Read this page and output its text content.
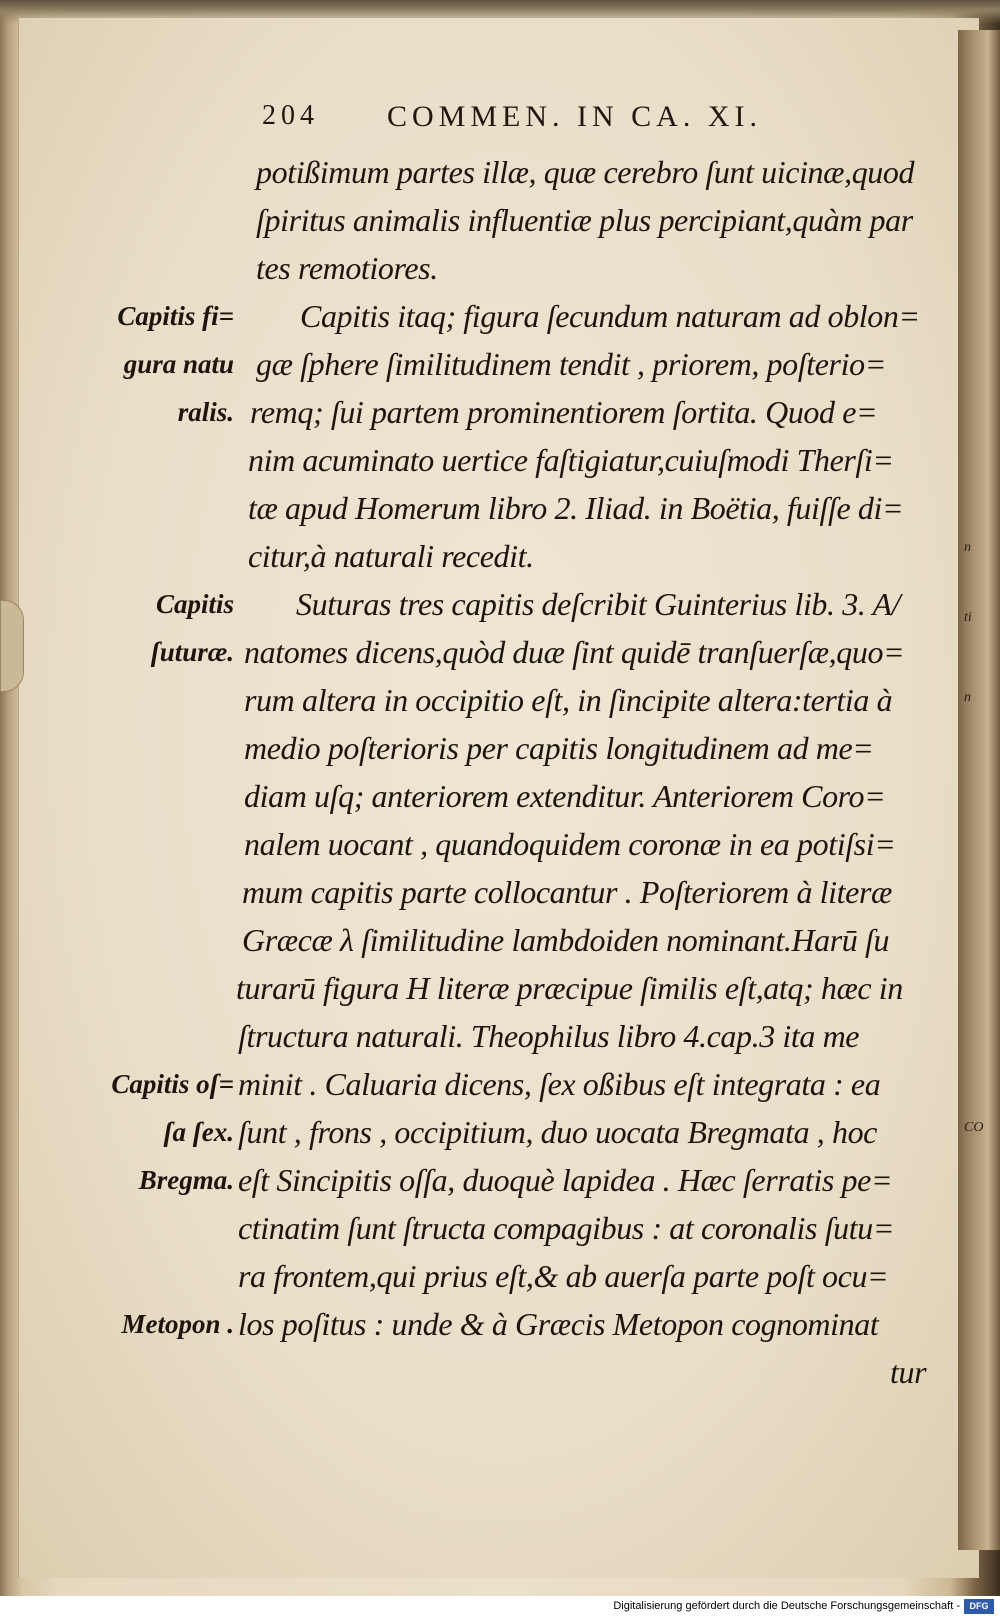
n
ti
n
CO
204 COMMEN. IN CA. XI.
potißimum partes illæ, quæ cerebro ſunt uicinæ,quod
ſpiritus animalis influentiæ plus percipiant,quàm par
tes remotiores.
Capitis itaq; figura ſecundum naturam ad oblon=
gæ ſphere ſimilitudinem tendit , priorem, poſterio=
remq; ſui partem prominentiorem ſortita. Quod e=
nim acuminato uertice faſtigiatur,cuiuſmodi Therſi=
tæ apud Homerum libro 2. Iliad. in Boëtia, fuiſſe di=
citur,à naturali recedit.
Suturas tres capitis deſcribit Guinterius lib. 3. A/
natomes dicens,quòd duæ ſint quidē tranſuerſæ,quo=
rum altera in occipitio eſt, in ſincipite altera:tertia à
medio poſterioris per capitis longitudinem ad me=
diam uſq; anteriorem extenditur. Anteriorem Coro=
nalem uocant , quandoquidem coronæ in ea potiſsi=
mum capitis parte collocantur . Poſteriorem à literæ
Græcæ λ ſimilitudine lambdoiden nominant.Harū ſu
turarū figura H literæ præcipue ſimilis eſt,atq; hæc in
ſtructura naturali. Theophilus libro 4.cap.3 ita me
minit . Caluaria dicens, ſex oßibus eſt integrata : ea
ſunt , frons , occipitium, duo uocata Bregmata , hoc
eſt Sincipitis oſſa, duoquè lapidea . Hæc ſerratis pe=
ctinatim ſunt ſtructa compagibus : at coronalis ſutu=
ra frontem,qui prius eſt,& ab auerſa parte poſt ocu=
los poſitus : unde & à Græcis Metopon cognominat
tur
Capitis fi=
gura natu
ralis.
Capitis
ſuturæ.
Capitis oſ=
ſa ſex.
Bregma.
Metopon .
Digitalisierung gefördert durch die Deutsche Forschungsgemeinschaft -	DFG
